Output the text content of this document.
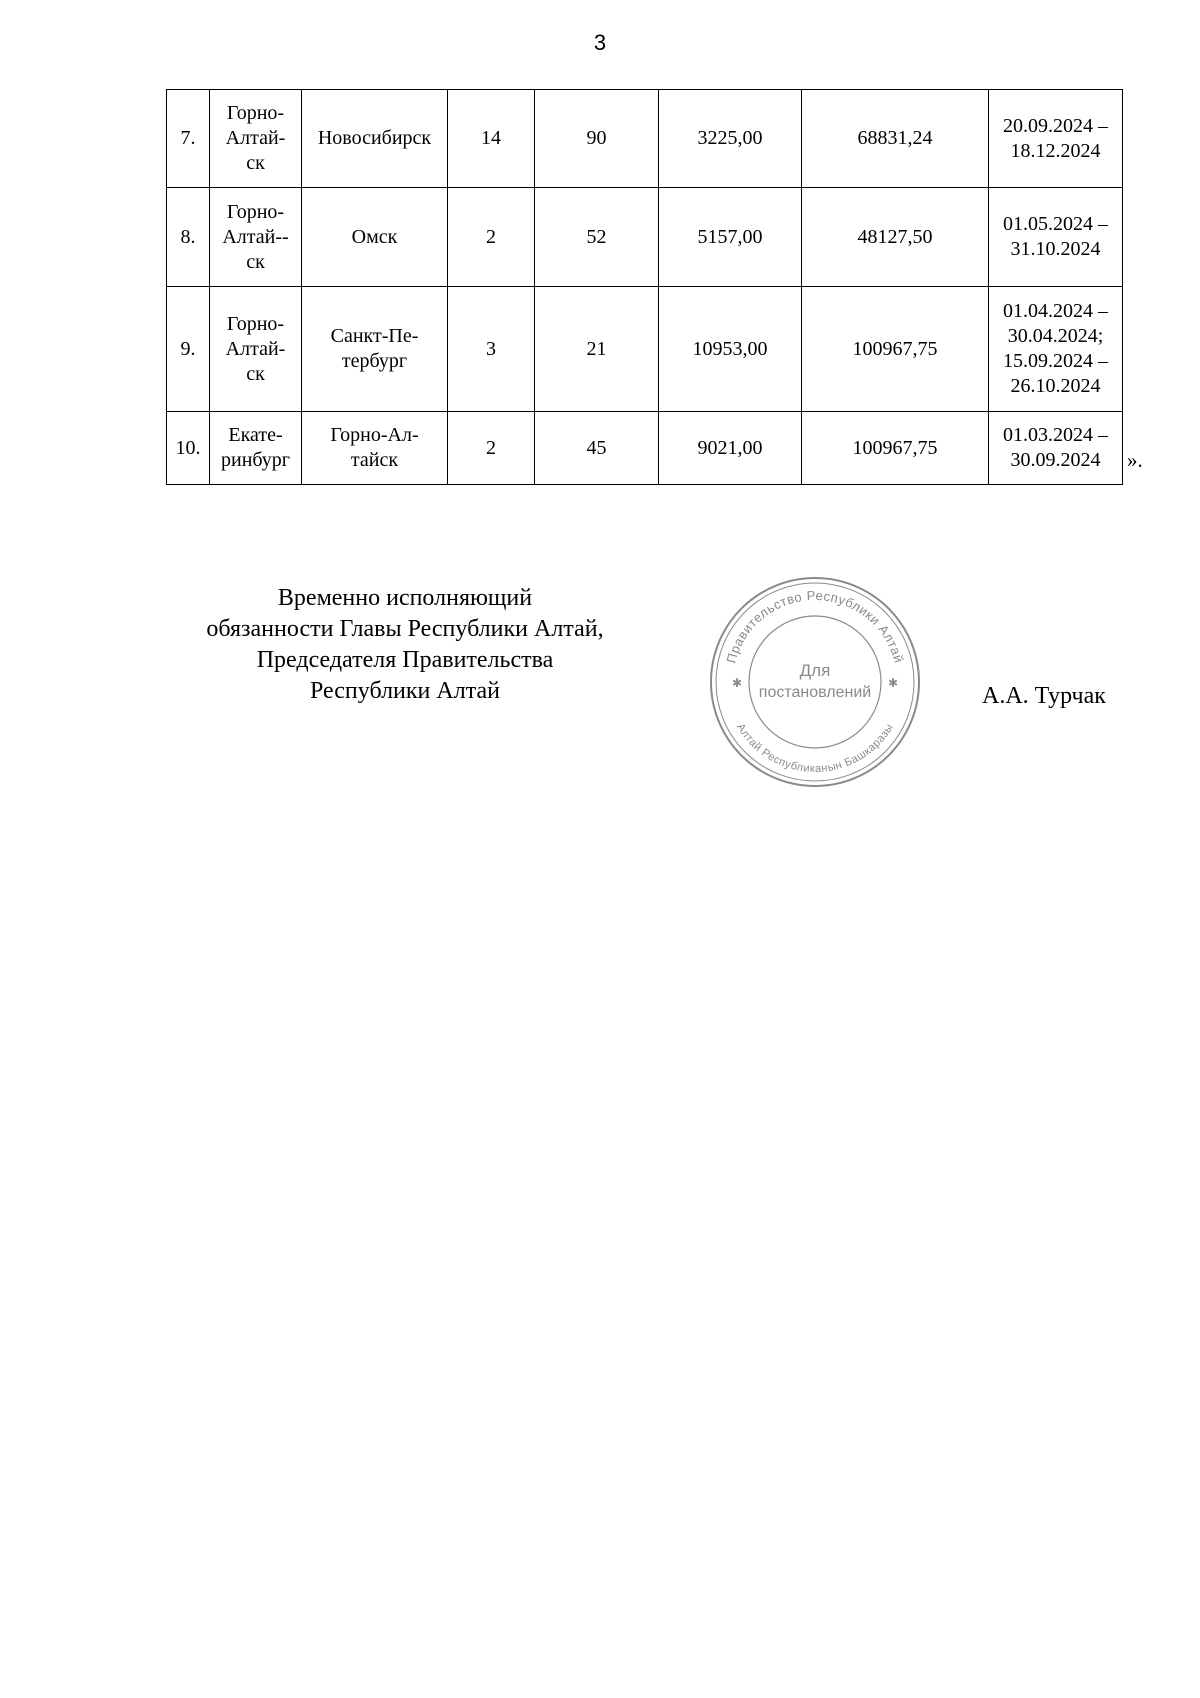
3
7.	Горно-
Алтай-
ск	Новосибирск	14	90	3225,00	68831,24	20.09.2024 –
18.12.2024
8.	Горно-
Алтай--
ск	Омск	2	52	5157,00	48127,50	01.05.2024 –
31.10.2024
9.	Горно-
Алтай-
ск	Санкт-Пе-
тербург	3	21	10953,00	100967,75	01.04.2024 –
30.04.2024;
15.09.2024 –
26.10.2024
10.	Екате-
ринбург	Горно-Ал-
тайск	2	45	9021,00	100967,75	01.03.2024 –
30.09.2024 ».
Временно исполняющий
обязанности Главы Республики Алтай,
Председателя Правительства
Республики Алтай
Правительство Республики Алтай
Алтай Республиканын Башкаразы
Для
постановлений
✱	✱	А.А. Турчак
